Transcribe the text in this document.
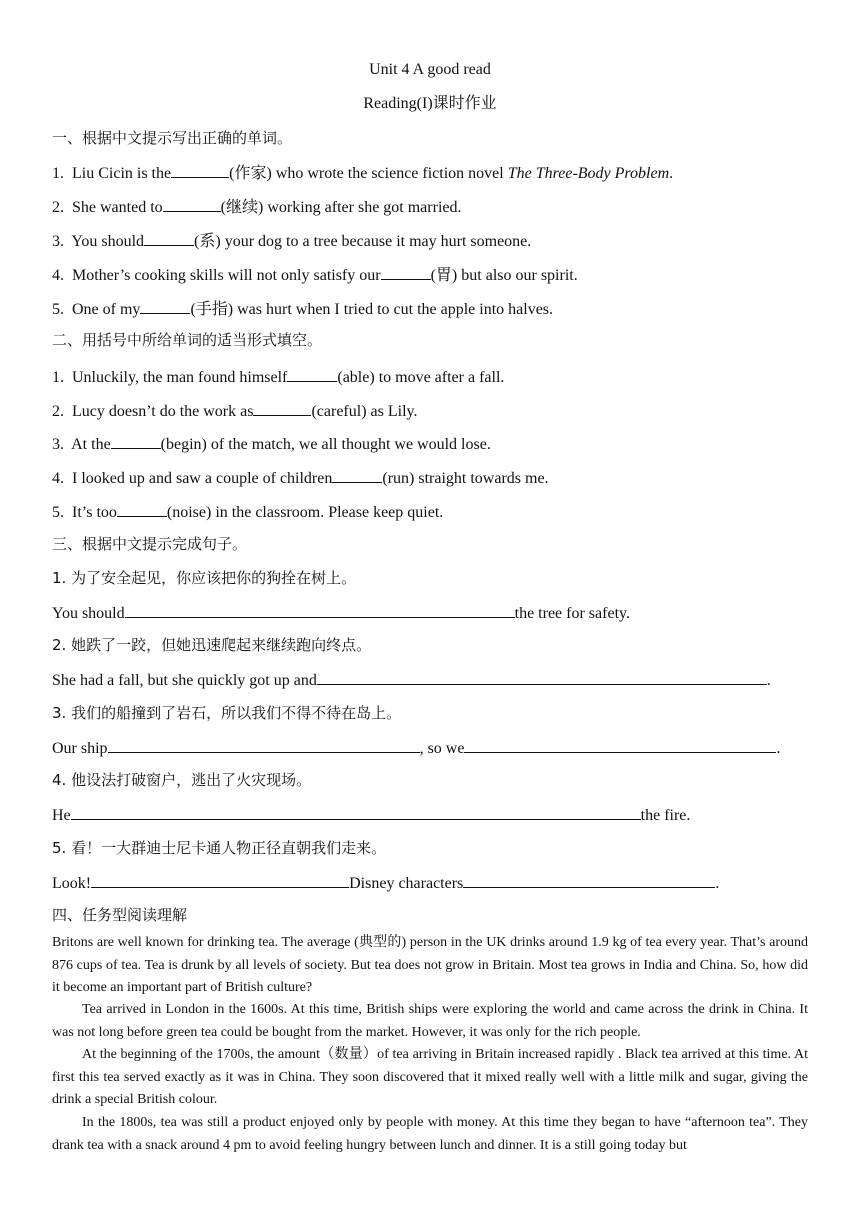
Unit 4 A good read
Reading(I)课时作业
一、根据中文提示写出正确的单词。
1. Liu Cicin is the	(作家) who wrote the science fiction novel The Three-Body Problem.
2. She wanted to	(继续) working after she got married.
3. You should	(系) your dog to a tree because it may hurt someone.
4. Mother’s cooking skills will not only satisfy our	(胃) but also our spirit.
5. One of my	(手指) was hurt when I tried to cut the apple into halves.
二、用括号中所给单词的适当形式填空。
1. Unluckily, the man found himself	(able) to move after a fall.
2. Lucy doesn’t do the work as	(careful) as Lily.
3. At the	(begin) of the match, we all thought we would lose.
4. I looked up and saw a couple of children	(run) straight towards me.
5. It’s too	(noise) in the classroom. Please keep quiet.
三、根据中文提示完成句子。
1. 为了安全起见，你应该把你的狗拴在树上。
You should	the tree for safety.
2. 她跌了一跤，但她迅速爬起来继续跑向终点。
She had a fall, but she quickly got up and	.
3. 我们的船撞到了岩石，所以我们不得不待在岛上。
Our ship	, so we	.
4. 他设法打破窗户，逃出了火灾现场。
He	the fire.
5. 看！一大群迪士尼卡通人物正径直朝我们走来。
Look!	Disney characters	.
四、任务型阅读理解
Britons are well known for drinking tea. The average (典型的) person in the UK drinks around 1.9 kg of tea every year. That’s around 876 cups of tea. Tea is drunk by all levels of society. But tea does not grow in Britain. Most tea grows in India and China. So, how did it become an important part of British culture?
Tea arrived in London in the 1600s. At this time, British ships were exploring the world and came across the drink in China. It was not long before green tea could be bought from the market. However, it was only for the rich people.
At the beginning of the 1700s, the amount（数量）of tea arriving in Britain increased rapidly . Black tea arrived at this time. At first this tea served exactly as it was in China. They soon discovered that it mixed really well with a little milk and sugar, giving the drink a special British colour.
In the 1800s, tea was still a product enjoyed only by people with money. At this time they began to have “afternoon tea”. They drank tea with a snack around 4 pm to avoid feeling hungry between lunch and dinner. It is a still going today but
